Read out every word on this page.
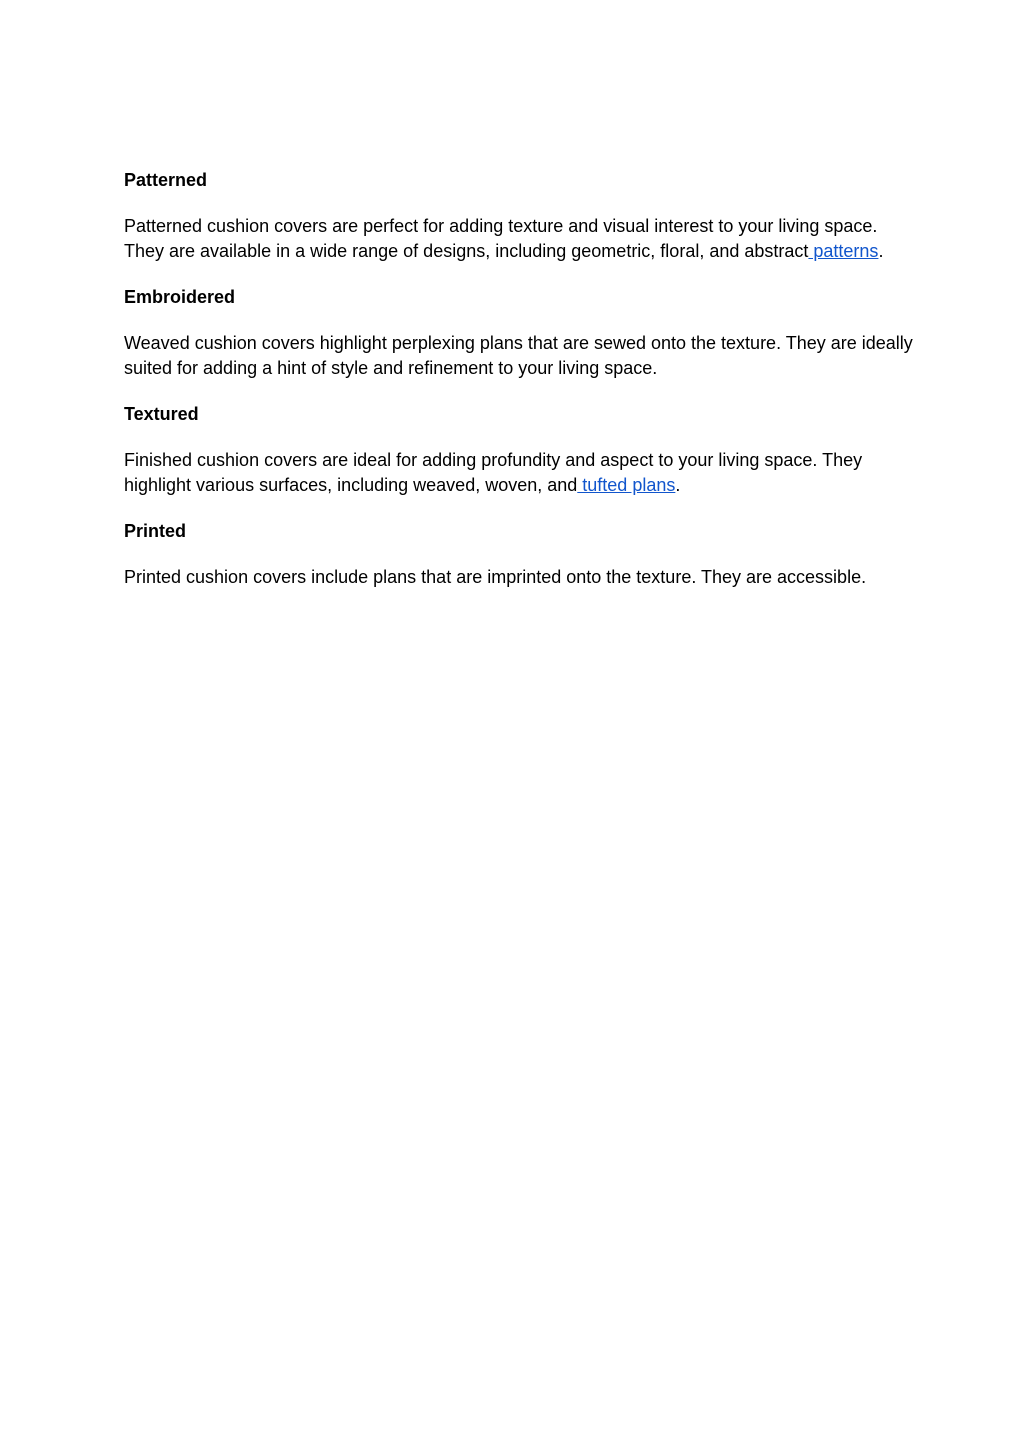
Patterned
Patterned cushion covers are perfect for adding texture and visual interest to your living space. They are available in a wide range of designs, including geometric, floral, and abstract patterns.
Embroidered
Weaved cushion covers highlight perplexing plans that are sewed onto the texture. They are ideally suited for adding a hint of style and refinement to your living space.
Textured
Finished cushion covers are ideal for adding profundity and aspect to your living space. They highlight various surfaces, including weaved, woven, and tufted plans.
Printed
Printed cushion covers include plans that are imprinted onto the texture. They are accessible.
